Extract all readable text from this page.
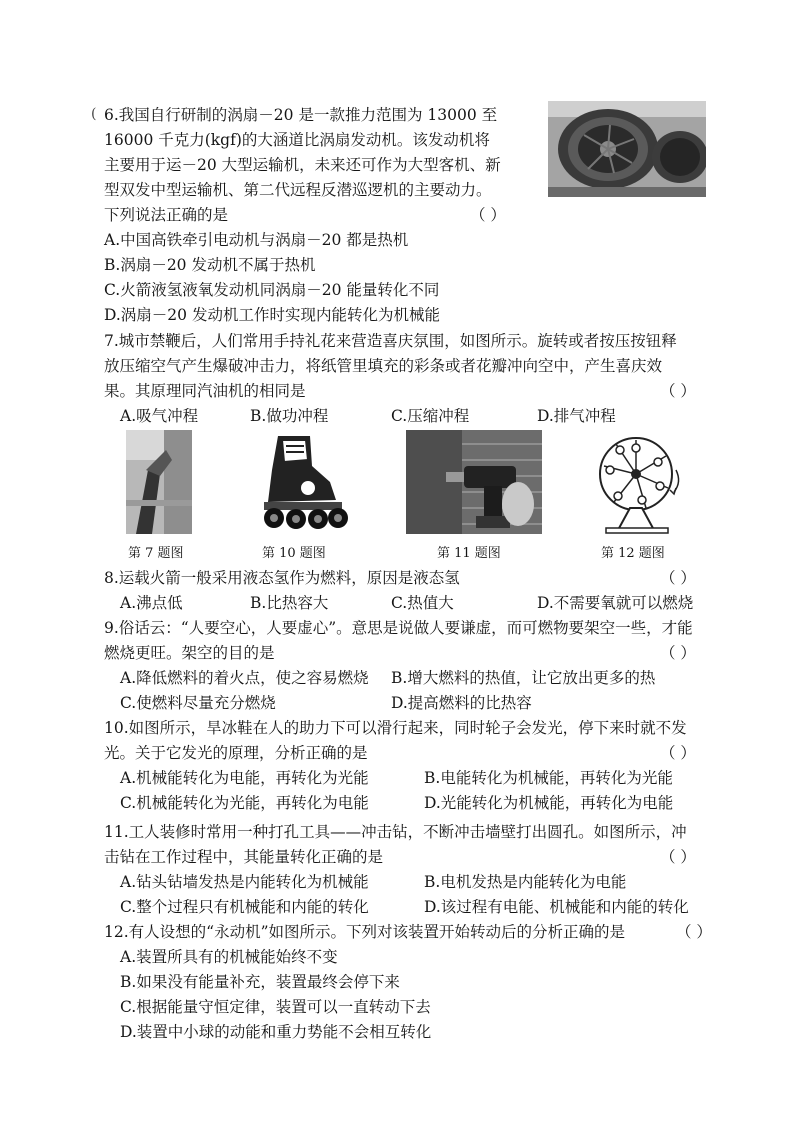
( 6.我国自行研制的涡扇－20 是一款推力范围为 13000 至
16000 千克力(kgf)的大涵道比涡扇发动机。该发动机将
主要用于运－20 大型运输机，未来还可作为大型客机、新
型双发中型运输机、第二代远程反潜巡逻机的主要动力。
下列说法正确的是	（ ）
A.中国高铁牵引电动机与涡扇－20 都是热机
B.涡扇－20 发动机不属于热机
C.火箭液氢液氧发动机同涡扇－20 能量转化不同
D.涡扇－20 发动机工作时实现内能转化为机械能
7.城市禁鞭后，人们常用手持礼花来营造喜庆氛围，如图所示。旋转或者按压按钮释
放压缩空气产生爆破冲击力，将纸管里填充的彩条或者花瓣冲向空中，产生喜庆效
果。其原理同汽油机的相同是	（ ）
A.吸气冲程	B.做功冲程	C.压缩冲程	D.排气冲程
第 7 题图	第 10 题图	第 11 题图	第 12 题图
8.运载火箭一般采用液态氢作为燃料，原因是液态氢	（ ）
A.沸点低	B.比热容大	C.热值大	D.不需要氧就可以燃烧
9.俗话云：“人要空心，人要虚心”。意思是说做人要谦虚，而可燃物要架空一些，才能
燃烧更旺。架空的目的是	（ ）
A.降低燃料的着火点，使之容易燃烧 B.增大燃料的热值，让它放出更多的热
C.使燃料尽量充分燃烧	D.提高燃料的比热容
10.如图所示，旱冰鞋在人的助力下可以滑行起来，同时轮子会发光，停下来时就不发
光。关于它发光的原理，分析正确的是	（ ）
A.机械能转化为电能，再转化为光能	B.电能转化为机械能，再转化为光能
C.机械能转化为光能，再转化为电能	D.光能转化为机械能，再转化为电能
11.工人装修时常用一种打孔工具——冲击钻，不断冲击墙壁打出圆孔。如图所示，冲
击钻在工作过程中，其能量转化正确的是	（ ）
A.钻头钻墙发热是内能转化为机械能	B.电机发热是内能转化为电能
C.整个过程只有机械能和内能的转化	D.该过程有电能、机械能和内能的转化
12.有人设想的“永动机”如图所示。下列对该装置开始转动后的分析正确的是	（ ）
A.装置所具有的机械能始终不变
B.如果没有能量补充，装置最终会停下来
C.根据能量守恒定律，装置可以一直转动下去
D.装置中小球的动能和重力势能不会相互转化
